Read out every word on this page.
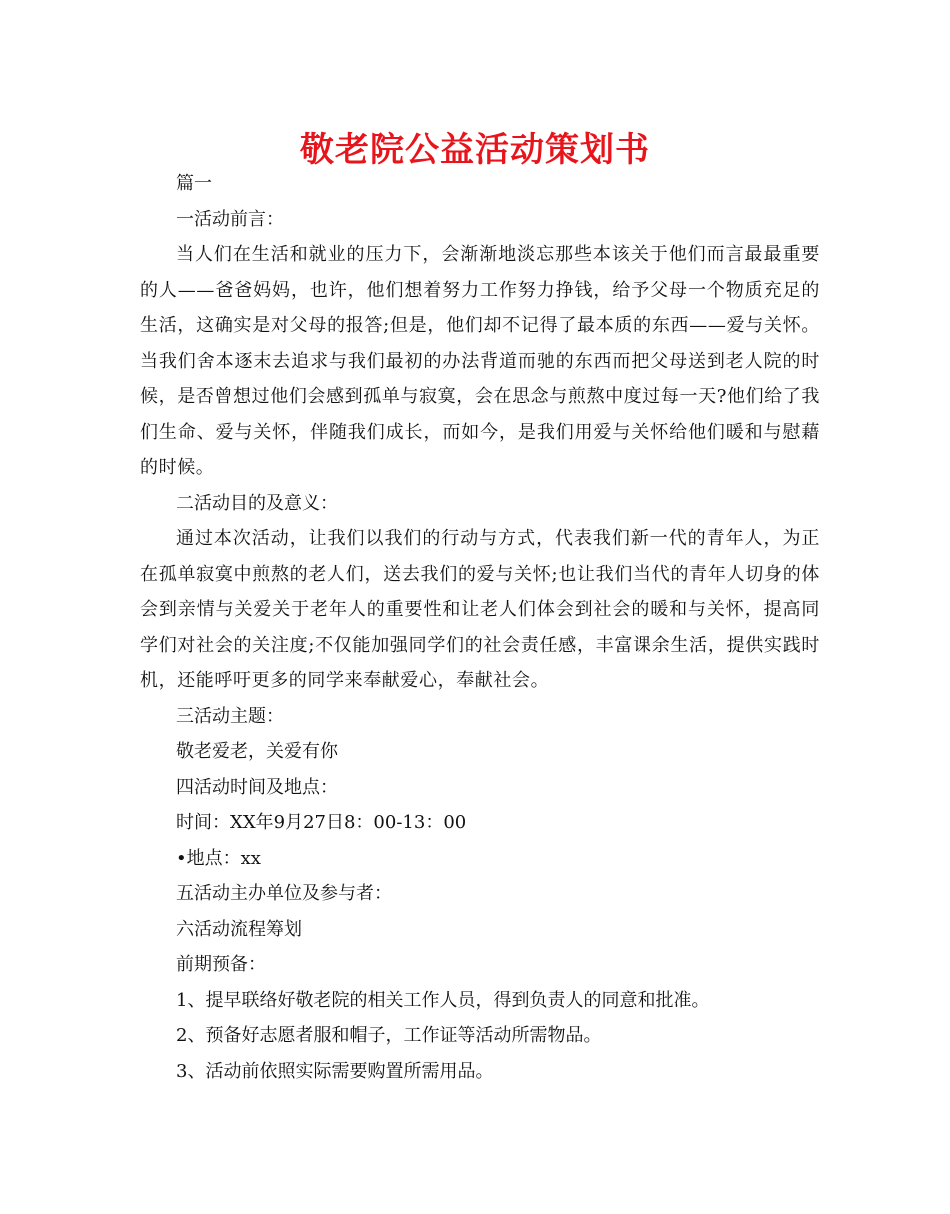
敬老院公益活动策划书

篇一

一活动前言：

当人们在生活和就业的压力下，会渐渐地淡忘那些本该关于他们而言最最重要的人——爸爸妈妈，也许，他们想着努力工作努力挣钱，给予父母一个物质充足的生活，这确实是对父母的报答;但是，他们却不记得了最本质的东西——爱与关怀。当我们舍本逐末去追求与我们最初的办法背道而驰的东西而把父母送到老人院的时候，是否曾想过他们会感到孤单与寂寞，会在思念与煎熬中度过每一天?他们给了我们生命、爱与关怀，伴随我们成长，而如今，是我们用爱与关怀给他们暖和与慰藉的时候。

二活动目的及意义：

通过本次活动，让我们以我们的行动与方式，代表我们新一代的青年人，为正在孤单寂寞中煎熬的老人们，送去我们的爱与关怀;也让我们当代的青年人切身的体会到亲情与关爱关于老年人的重要性和让老人们体会到社会的暖和与关怀，提高同学们对社会的关注度;不仅能加强同学们的社会责任感，丰富课余生活，提供实践时机，还能呼吁更多的同学来奉献爱心，奉献社会。

三活动主题：

敬老爱老，关爱有你

四活动时间及地点：

时间：XX年9月27日8：00-13：00

•地点：xx

五活动主办单位及参与者：

六活动流程筹划

前期预备：

1、提早联络好敬老院的相关工作人员，得到负责人的同意和批准。

2、预备好志愿者服和帽子，工作证等活动所需物品。

3、活动前依照实际需要购置所需用品。
